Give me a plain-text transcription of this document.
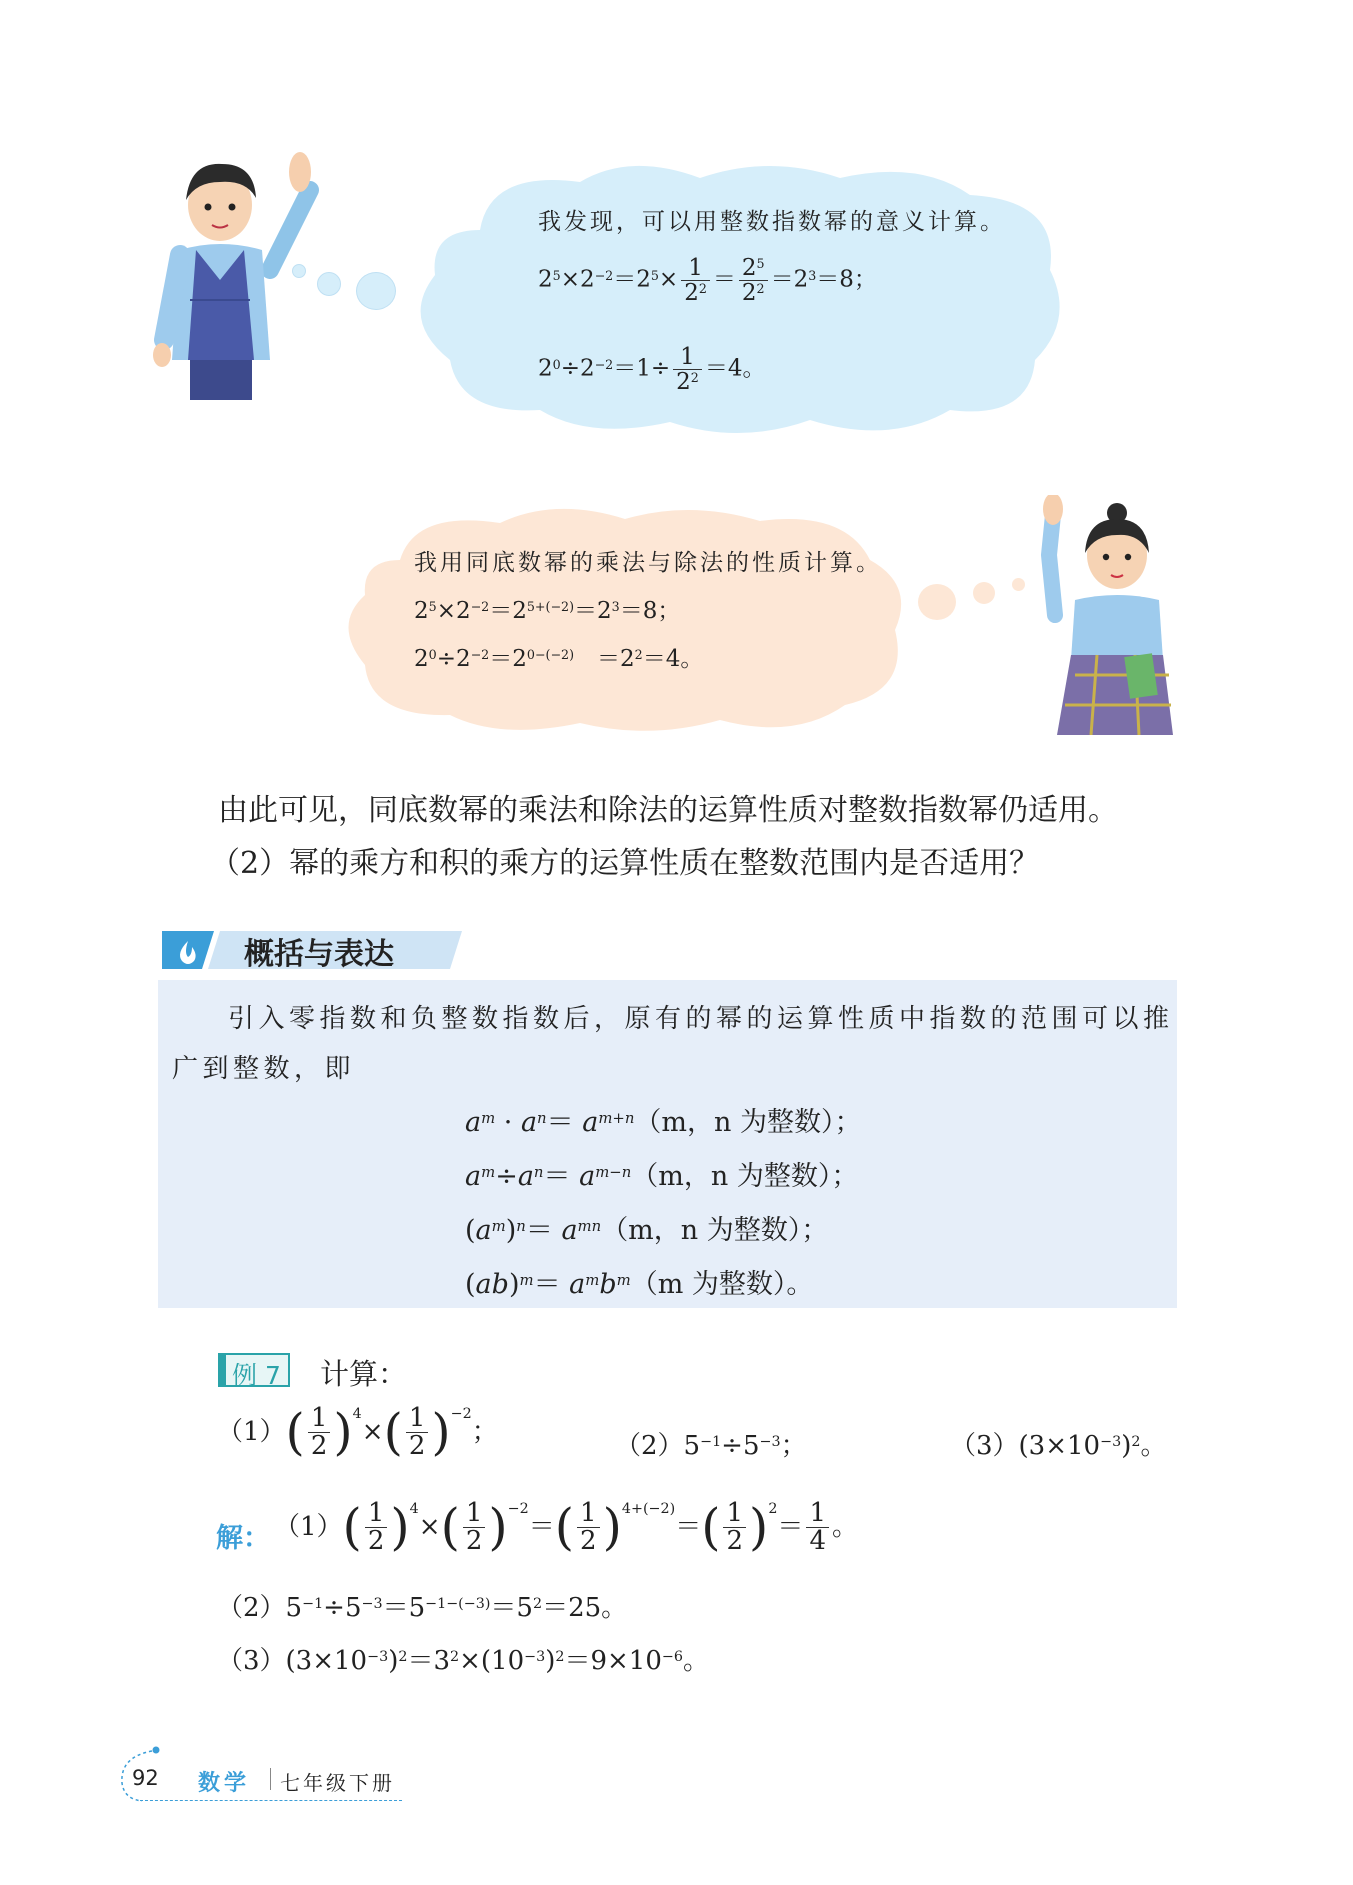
我发现，可以用整数指数幂的意义计算。
$2^5\times 2^{-2}=2^5\times \frac{1}{2^2} = \frac{2^5}{2^2} =2^3=8$；
$2^0\div 2^{-2}=1\div \frac{1}{2^2} =4$。
我用同底数幂的乘法与除法的性质计算。
$2^5\times 2^{-2}=2^{5+(-2)}=2^3=8$；
$2^0\div 2^{-2}=2^{0-(-2)}$　$=2^2=4$。
由此可见，同底数幂的乘法和除法的运算性质对整数指数幂仍适用。
（2）幂的乘方和积的乘方的运算性质在整数范围内是否适用？
概括与表达
引入零指数和负整数指数后，原有的幂的运算性质中指数的范围可以推
广到整数，即
$a^m \cdot a^n= a^{m+n}(m$，n 为整数）；
$a^m\div a^n= a^{m-n}(m$，n 为整数）；
$(a^m)^n= a^{mn}(m$，n 为整数）；
$(ab)^m= a^mb^m(m$ 为整数）。
例 7 计算：
$(1)( \frac{1}{2} )^4\times( \frac{1}{2} )^{-2}$；	$(2)5^{-1}\div 5^{-3}$；	$(3)(3\times 10^{-3})^2$。
解： $(1)( \frac{1}{2} )^4\times( \frac{1}{2} )^{-2}=( \frac{1}{2} )^{4+(-2)}=( \frac{1}{2} )^2= \frac{1}{4}$ 。
$(2)5^{-1}\div 5^{-3}=5^{-1-(-3)}=5^2=25$。
$(3)(3\times 10^{-3})^2=3^2\times(10^{-3})^2=9\times 10^{-6}$。
92 数学 七年级下册
